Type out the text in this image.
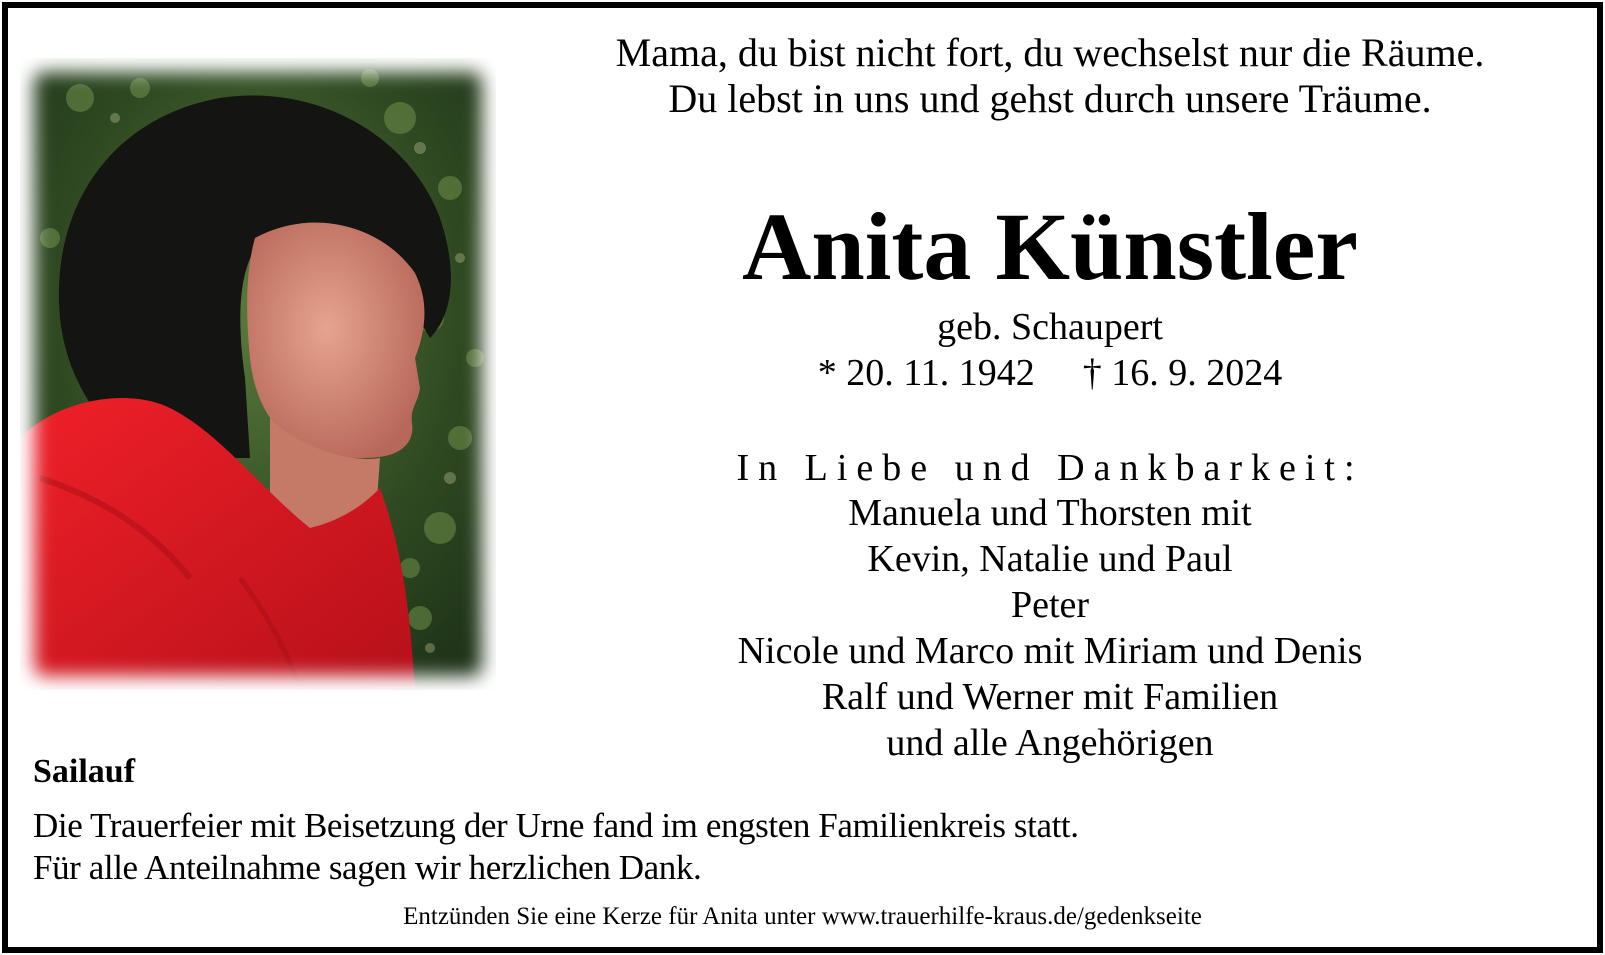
Mama, du bist nicht fort, du wechselst nur die Räume.
Du lebst in uns und gehst durch unsere Träume.
Anita Künstler
geb. Schaupert
* 20. 11. 1942 † 16. 9. 2024
In Liebe und Dankbarkeit:
Manuela und Thorsten mit
Kevin, Natalie und Paul
Peter
Nicole und Marco mit Miriam und Denis
Ralf und Werner mit Familien
und alle Angehörigen
Sailauf
Die Trauerfeier mit Beisetzung der Urne fand im engsten Familienkreis statt.
Für alle Anteilnahme sagen wir herzlichen Dank.
Entzünden Sie eine Kerze für Anita unter www.trauerhilfe-kraus.de/gedenkseite
